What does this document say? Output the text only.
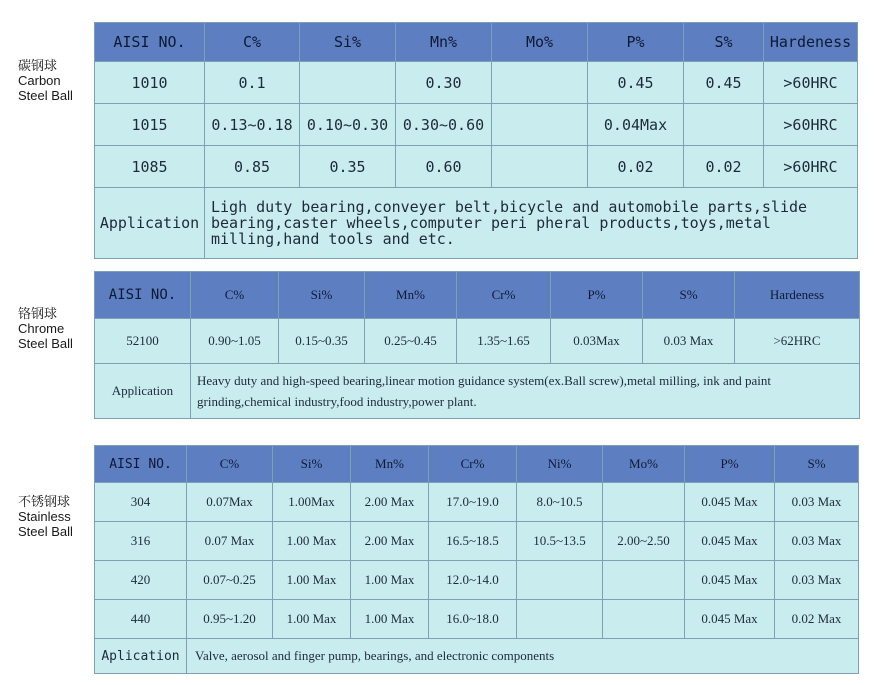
碳钢球
Carbon
Steel Ball
AISI NO.	C%	Si%	Mn%	Mo%	P%	S%	Hardeness
1010	0.1		0.30		0.45	0.45	>60HRC
1015	0.13~0.18	0.10~0.30	0.30~0.60		0.04Max		>60HRC
1085	0.85	0.35	0.60		0.02	0.02	>60HRC
Application	Ligh duty bearing,conveyer belt,bicycle and automobile parts,slide bearing,caster wheels,computer peri pheral products,toys,metal milling,hand tools and etc.						
铬钢球
Chrome
Steel Ball
AISI NO.	C%	Si%	Mn%	Cr%	P%	S%	Hardeness
52100	0.90~1.05	0.15~0.35	0.25~0.45	1.35~1.65	0.03Max	0.03 Max	>62HRC
Application	Heavy duty and high-speed bearing,linear motion guidance system(ex.Ball screw),metal milling, ink and paint grinding,chemical industry,food industry,power plant.						
不锈钢球
Stainless
Steel Ball
AISI NO.	C%	Si%	Mn%	Cr%	Ni%	Mo%	P%	S%
304	0.07Max	1.00Max	2.00 Max	17.0~19.0	8.0~10.5		0.045 Max	0.03 Max
316	0.07 Max	1.00 Max	2.00 Max	16.5~18.5	10.5~13.5	2.00~2.50	0.045 Max	0.03 Max
420	0.07~0.25	1.00 Max	1.00 Max	12.0~14.0			0.045 Max	0.03 Max
440	0.95~1.20	1.00 Max	1.00 Max	16.0~18.0			0.045 Max	0.02 Max
Aplication	Valve, aerosol and finger pump, bearings, and electronic components							
